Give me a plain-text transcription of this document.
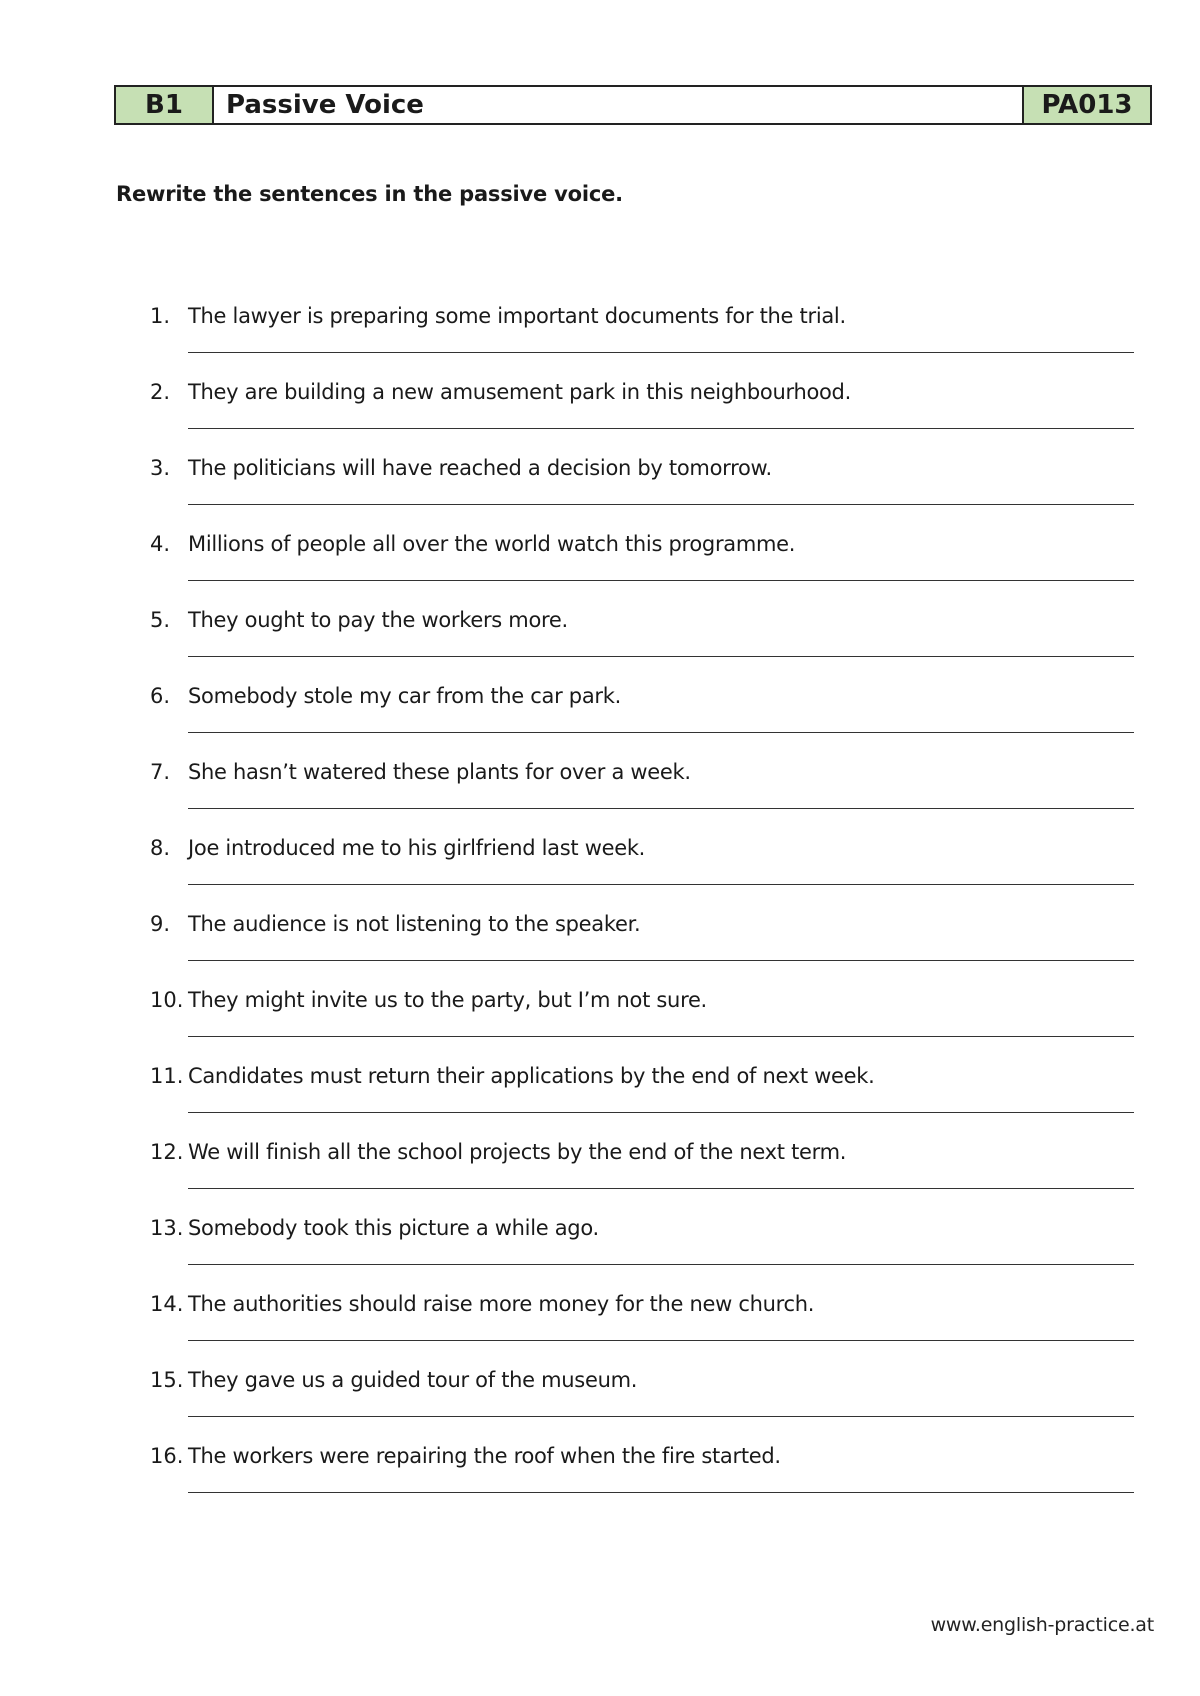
B1	Passive Voice	PA013

Rewrite the sentences in the passive voice.

1. The lawyer is preparing some important documents for the trial.
2. They are building a new amusement park in this neighbourhood.
3. The politicians will have reached a decision by tomorrow.
4. Millions of people all over the world watch this programme.
5. They ought to pay the workers more.
6. Somebody stole my car from the car park.
7. She hasn’t watered these plants for over a week.
8. Joe introduced me to his girlfriend last week.
9. The audience is not listening to the speaker.
10. They might invite us to the party, but I’m not sure.
11. Candidates must return their applications by the end of next week.
12. We will finish all the school projects by the end of the next term.
13. Somebody took this picture a while ago.
14. The authorities should raise more money for the new church.
15. They gave us a guided tour of the museum.
16. The workers were repairing the roof when the fire started.
www.english-practice.at
